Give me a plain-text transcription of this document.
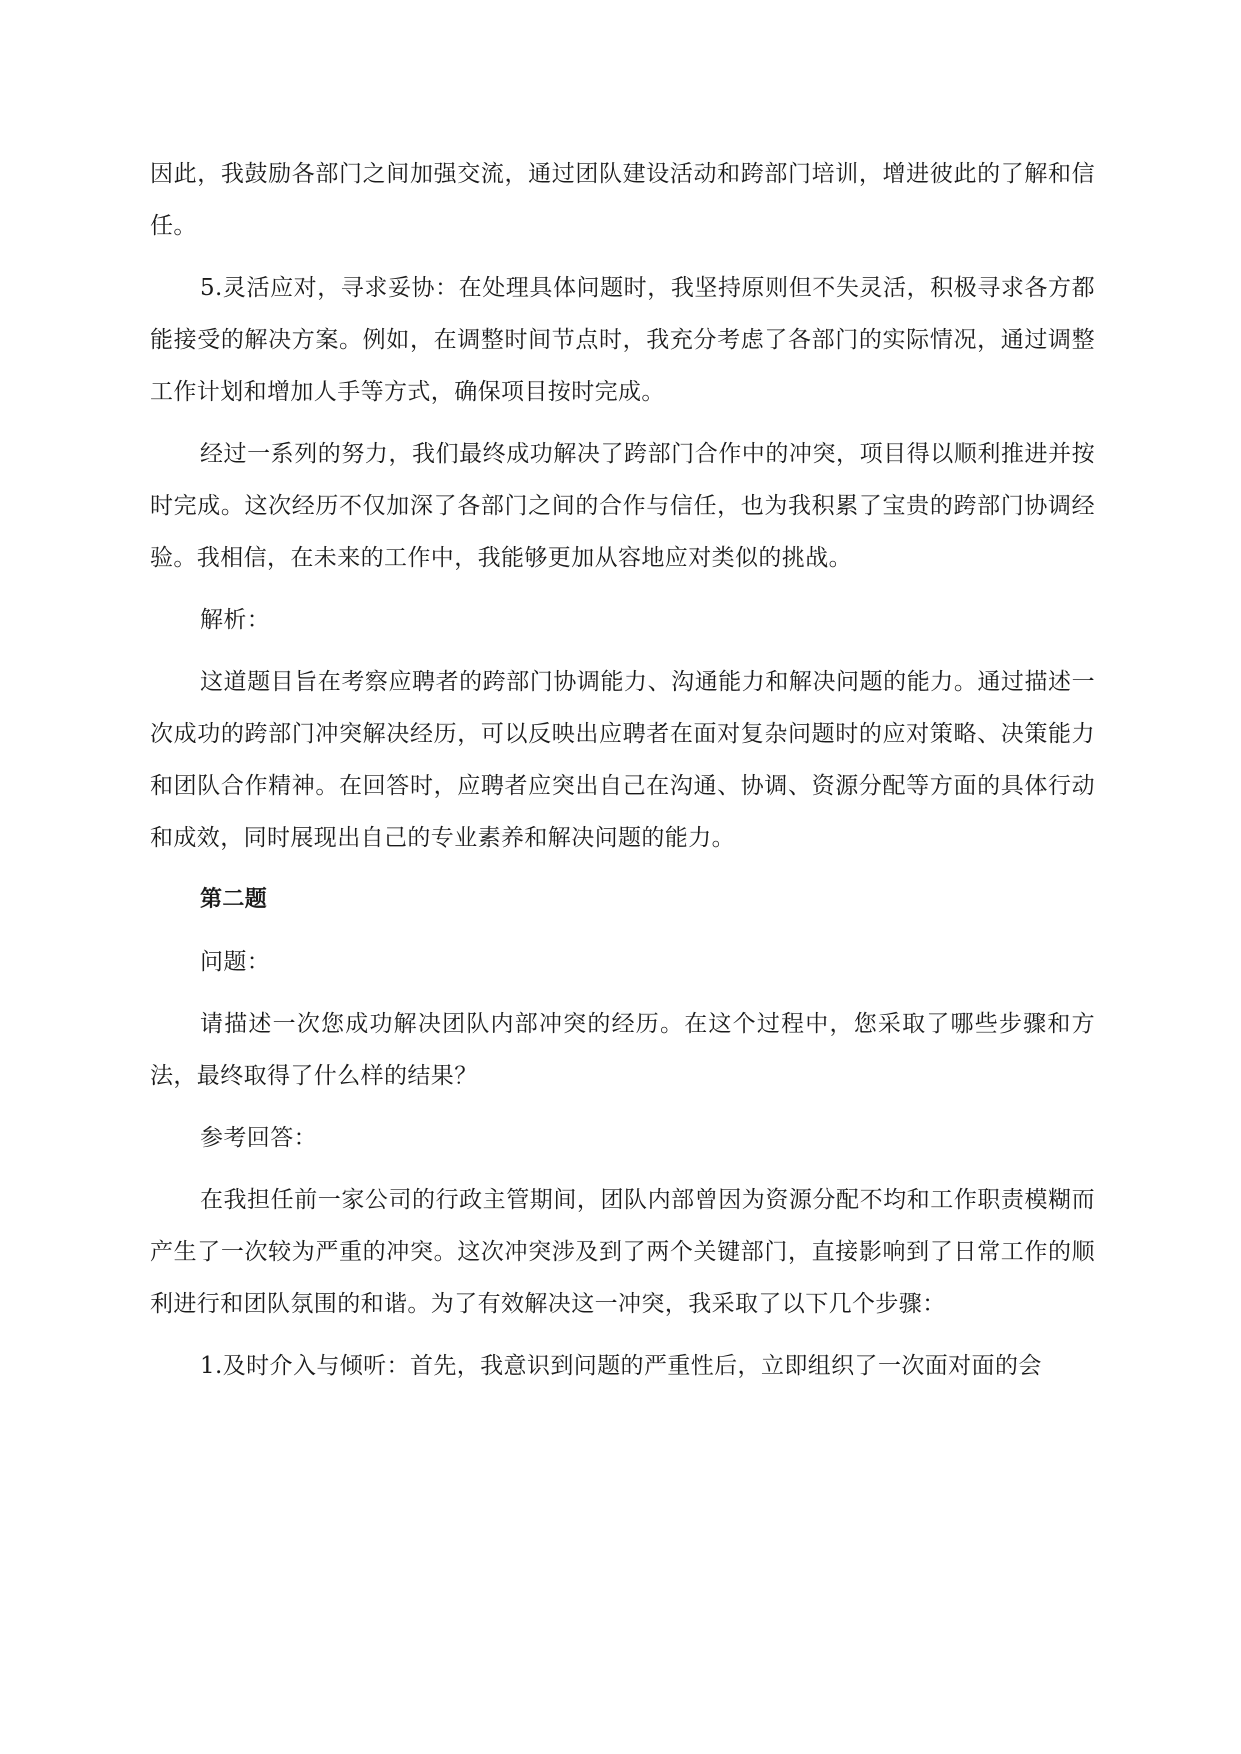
因此，我鼓励各部门之间加强交流，通过团队建设活动和跨部门培训，增进彼此的了解和信任。

5.灵活应对，寻求妥协：在处理具体问题时，我坚持原则但不失灵活，积极寻求各方都能接受的解决方案。例如，在调整时间节点时，我充分考虑了各部门的实际情况，通过调整工作计划和增加人手等方式，确保项目按时完成。

经过一系列的努力，我们最终成功解决了跨部门合作中的冲突，项目得以顺利推进并按时完成。这次经历不仅加深了各部门之间的合作与信任，也为我积累了宝贵的跨部门协调经验。我相信，在未来的工作中，我能够更加从容地应对类似的挑战。

解析：

这道题目旨在考察应聘者的跨部门协调能力、沟通能力和解决问题的能力。通过描述一次成功的跨部门冲突解决经历，可以反映出应聘者在面对复杂问题时的应对策略、决策能力和团队合作精神。在回答时，应聘者应突出自己在沟通、协调、资源分配等方面的具体行动和成效，同时展现出自己的专业素养和解决问题的能力。

第二题

问题：

请描述一次您成功解决团队内部冲突的经历。在这个过程中，您采取了哪些步骤和方法，最终取得了什么样的结果？

参考回答：

在我担任前一家公司的行政主管期间，团队内部曾因为资源分配不均和工作职责模糊而产生了一次较为严重的冲突。这次冲突涉及到了两个关键部门，直接影响到了日常工作的顺利进行和团队氛围的和谐。为了有效解决这一冲突，我采取了以下几个步骤：

1.及时介入与倾听：首先，我意识到问题的严重性后，立即组织了一次面对面的会
